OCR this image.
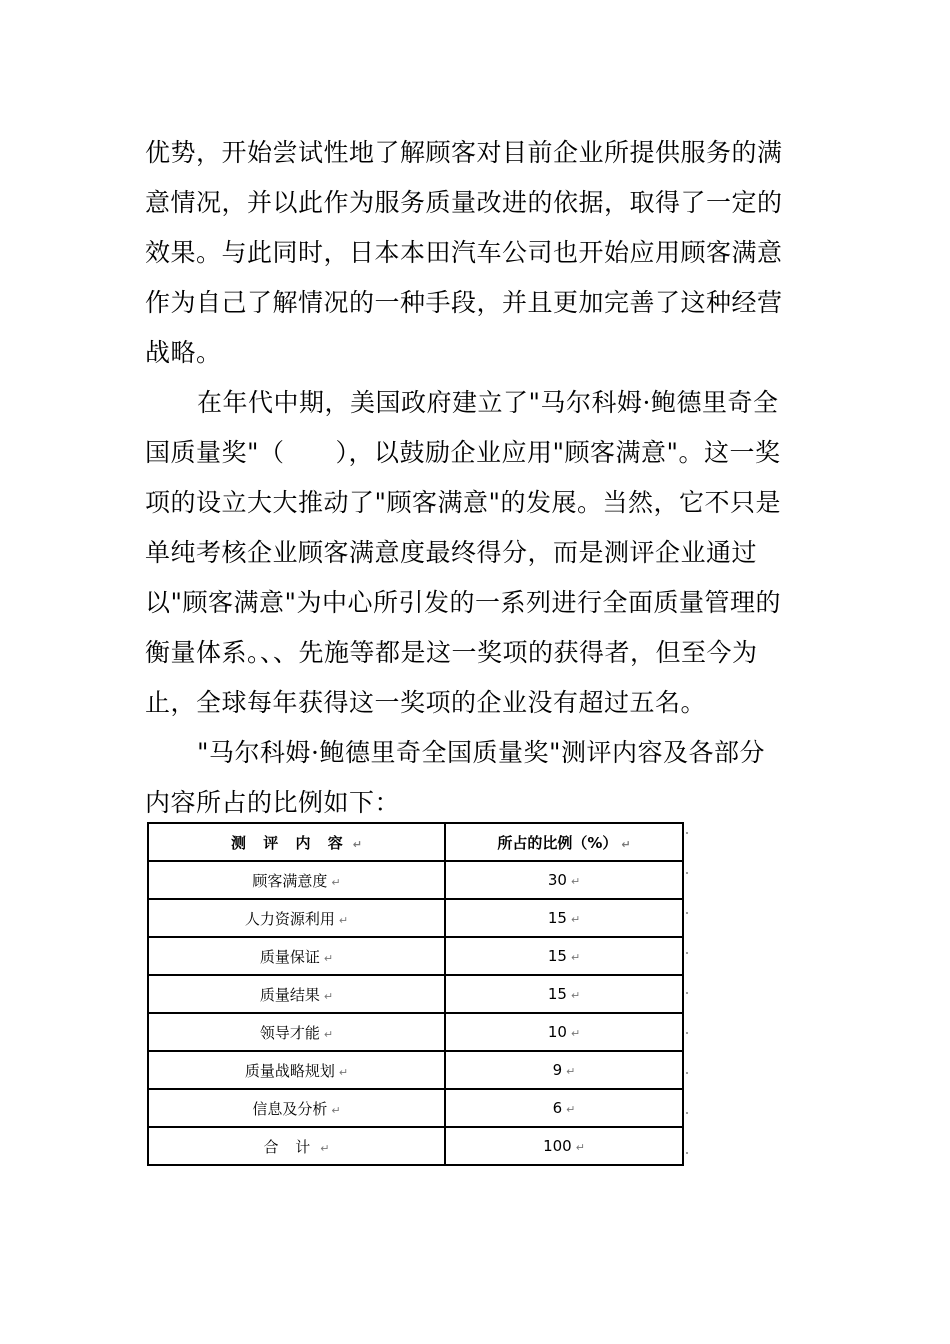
优势，开始尝试性地了解顾客对目前企业所提供服务的满
意情况，并以此作为服务质量改进的依据，取得了一定的
效果。与此同时，日本本田汽车公司也开始应用顾客满意
作为自己了解情况的一种手段，并且更加完善了这种经营
战略。

在年代中期，美国政府建立了"马尔科姆·鲍德里奇全
国质量奖"（　　），以鼓励企业应用"顾客满意"。这一奖
项的设立大大推动了"顾客满意"的发展。当然，它不只是
单纯考核企业顾客满意度最终得分，而是测评企业通过
以"顾客满意"为中心所引发的一系列进行全面质量管理的
衡量体系。、、先施等都是这一奖项的获得者，但至今为
止，全球每年获得这一奖项的企业没有超过五名。

"马尔科姆·鲍德里奇全国质量奖"测评内容及各部分
内容所占的比例如下：

测 评 内 容 ↵	所占的比例（%） ↵
顾客满意度 ↵	30 ↵
人力资源利用 ↵	15 ↵
质量保证 ↵	15 ↵
质量结果 ↵	15 ↵
领导才能 ↵	10 ↵
质量战略规划 ↵	9 ↵
信息及分析 ↵	6 ↵
合 计 ↵	100 ↵
